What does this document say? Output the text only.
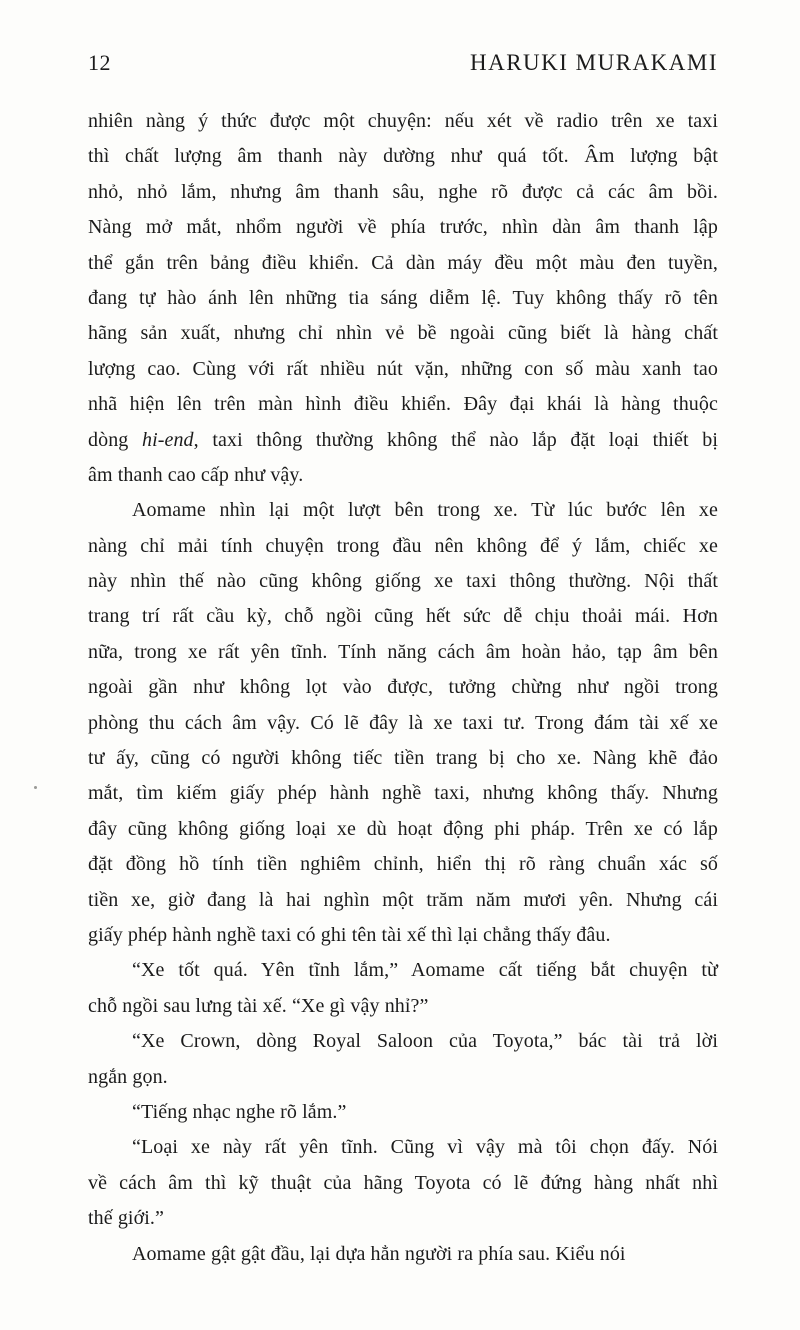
12	HARUKI MURAKAMI
nhiên nàng ý thức được một chuyện: nếu xét về radio trên xe taxi
thì chất lượng âm thanh này dường như quá tốt. Âm lượng bật
nhỏ, nhỏ lắm, nhưng âm thanh sâu, nghe rõ được cả các âm bồi.
Nàng mở mắt, nhổm người về phía trước, nhìn dàn âm thanh lập
thể gắn trên bảng điều khiển. Cả dàn máy đều một màu đen tuyền,
đang tự hào ánh lên những tia sáng diễm lệ. Tuy không thấy rõ tên
hãng sản xuất, nhưng chỉ nhìn vẻ bề ngoài cũng biết là hàng chất
lượng cao. Cùng với rất nhiều nút vặn, những con số màu xanh tao
nhã hiện lên trên màn hình điều khiển. Đây đại khái là hàng thuộc
dòng hi-end, taxi thông thường không thể nào lắp đặt loại thiết bị
âm thanh cao cấp như vậy.
Aomame nhìn lại một lượt bên trong xe. Từ lúc bước lên xe
nàng chỉ mải tính chuyện trong đầu nên không để ý lắm, chiếc xe
này nhìn thế nào cũng không giống xe taxi thông thường. Nội thất
trang trí rất cầu kỳ, chỗ ngồi cũng hết sức dễ chịu thoải mái. Hơn
nữa, trong xe rất yên tĩnh. Tính năng cách âm hoàn hảo, tạp âm bên
ngoài gần như không lọt vào được, tưởng chừng như ngồi trong
phòng thu cách âm vậy. Có lẽ đây là xe taxi tư. Trong đám tài xế xe
tư ấy, cũng có người không tiếc tiền trang bị cho xe. Nàng khẽ đảo
mắt, tìm kiếm giấy phép hành nghề taxi, nhưng không thấy. Nhưng
đây cũng không giống loại xe dù hoạt động phi pháp. Trên xe có lắp
đặt đồng hồ tính tiền nghiêm chỉnh, hiển thị rõ ràng chuẩn xác số
tiền xe, giờ đang là hai nghìn một trăm năm mươi yên. Nhưng cái
giấy phép hành nghề taxi có ghi tên tài xế thì lại chẳng thấy đâu.
“Xe tốt quá. Yên tĩnh lắm,” Aomame cất tiếng bắt chuyện từ
chỗ ngồi sau lưng tài xế. “Xe gì vậy nhỉ?”
“Xe Crown, dòng Royal Saloon của Toyota,” bác tài trả lời
ngắn gọn.
“Tiếng nhạc nghe rõ lắm.”
“Loại xe này rất yên tĩnh. Cũng vì vậy mà tôi chọn đấy. Nói
về cách âm thì kỹ thuật của hãng Toyota có lẽ đứng hàng nhất nhì
thế giới.”
Aomame gật gật đầu, lại dựa hẳn người ra phía sau. Kiểu nói
